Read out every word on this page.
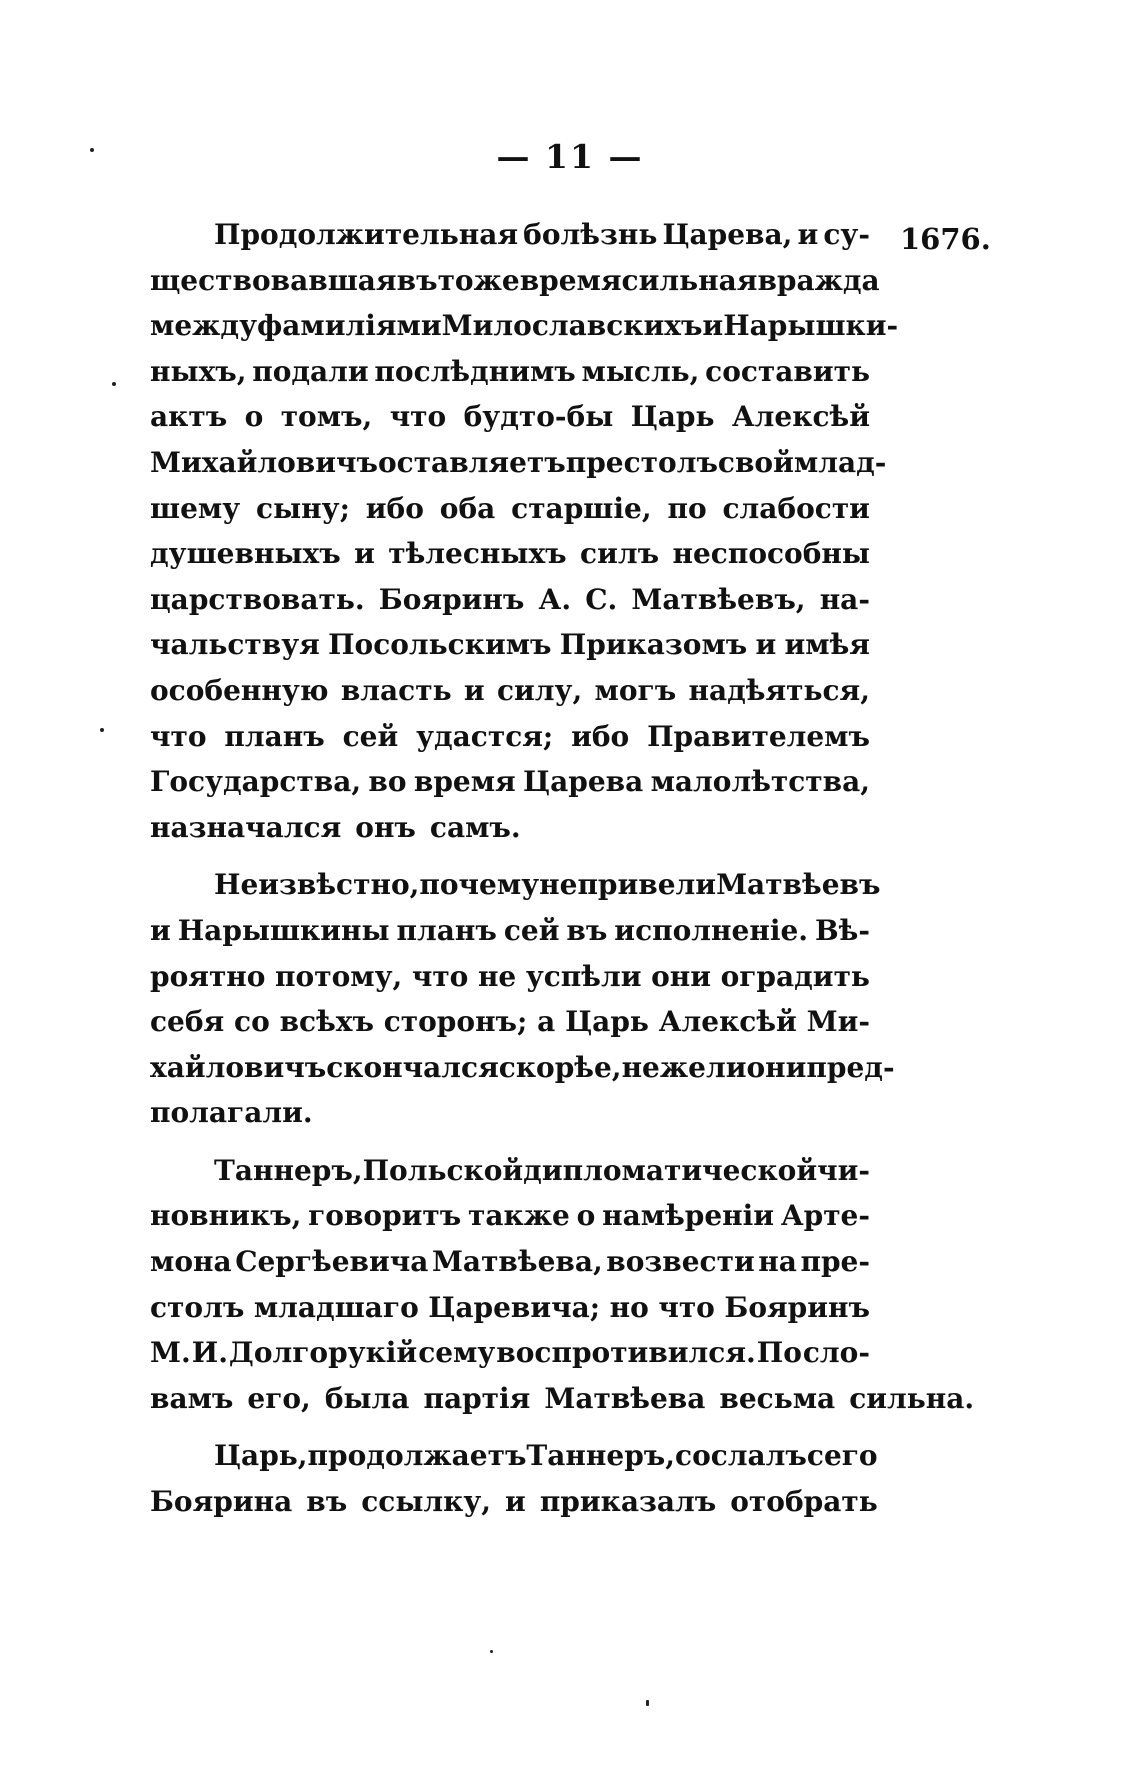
— 11 —
1676.
Продолжительная болѣзнь Царева, и су-
ществовавшая въ то же время сильная вражда
между фамиліями Милославскихъ и Нарышки-
ныхъ, подали послѣднимъ мысль, составить
актъ о томъ, что будто-бы Царь Алексѣй
Михайловичъ оставляетъ престолъ свой млад-
шему сыну; ибо оба старшіе, по слабости
душевныхъ и тѣлесныхъ силъ неспособны
царствовать. Бояринъ А. С. Матвѣевъ, на-
чальствуя Посольскимъ Приказомъ и имѣя
особенную власть и силу, могъ надѣяться,
что планъ сей удастся; ибо Правителемъ
Государства, во время Царева малолѣтства,
назначался онъ самъ.
Не извѣстно, почему не привели Матвѣевъ
и Нарышкины планъ сей въ исполненіе. Вѣ-
роятно потому, что не успѣли они оградить
себя со всѣхъ сторонъ; а Царь Алексѣй Ми-
хайловичъ скончался скорѣе, нежели они пред-
полагали.
Таннеръ, Польской дипломатической чи-
новникъ, говоритъ также о намѣреніи Арте-
мона Сергѣевича Матвѣева, возвести на пре-
столъ младшаго Царевича; но что Бояринъ
М. И. Долгорукій сему воспротивился. По сло-
вамъ его, была партія Матвѣева весьма сильна.
Царь, продолжаетъ Таннеръ, сослалъ сего
Боярина въ ссылку, и приказалъ отобрать
